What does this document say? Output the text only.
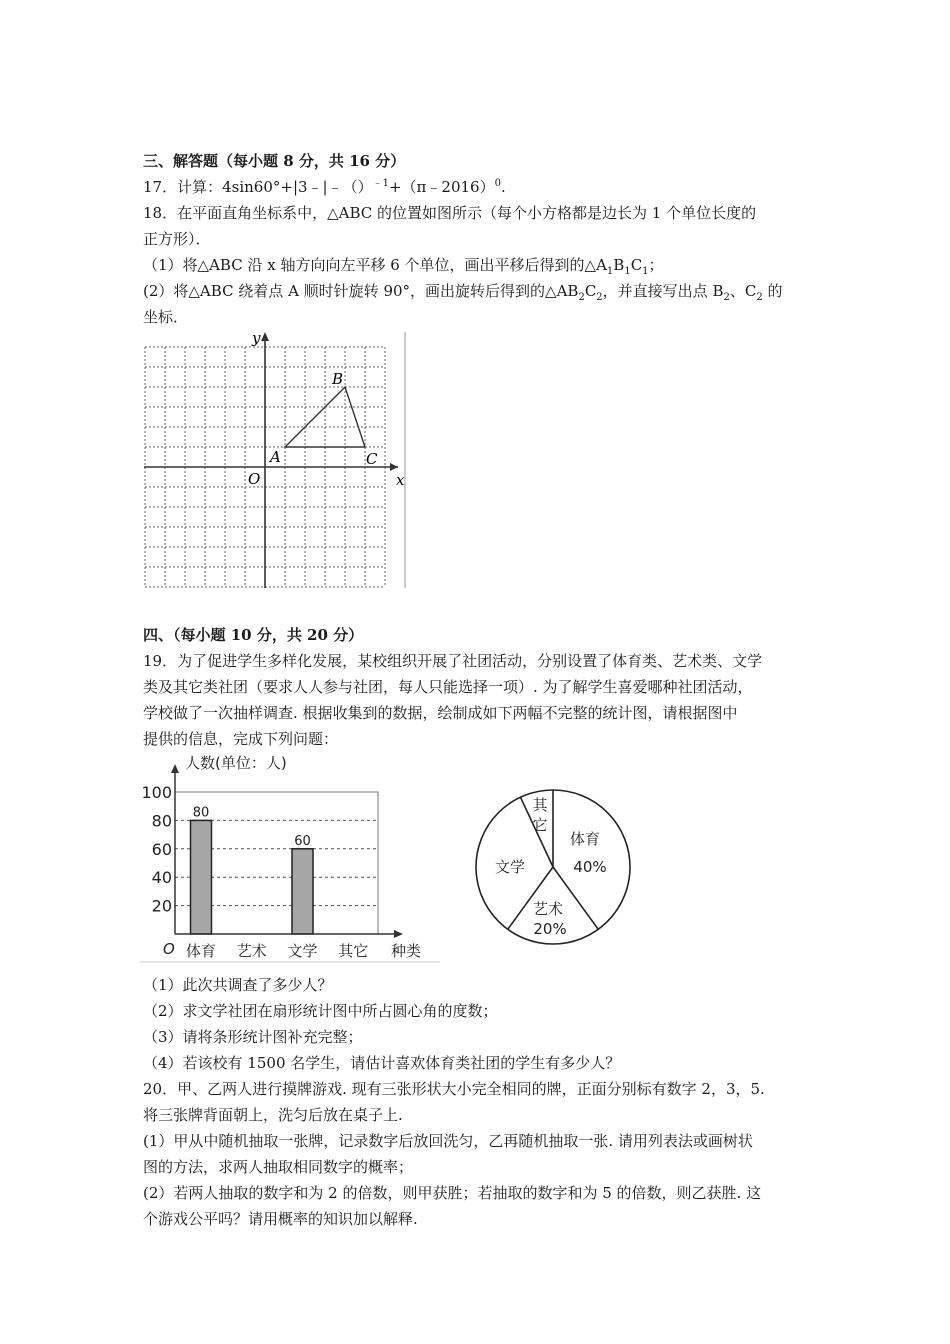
三、解答题（每小题 8 分，共 16 分）
17．计算：4sin60°+|3﹣|﹣（）$^{﹣1}$+（π﹣2016）$^0$.
18．在平面直角坐标系中，△ABC 的位置如图所示（每个小方格都是边长为 1 个单位长度的
正方形）．
（1）将△ABC 沿 x 轴方向向左平移 6 个单位，画出平移后得到的$\triangle A_1B_1C_1$；
(2）将△ABC 绕着点 A 顺时针旋转 90°，画出旋转后得到的$\triangle AB_2C_2$，并直接写出点 $B_2$、$C_2$ 的
坐标．
y
x
O
A
B
C
四、（每小题 10 分，共 20 分）
19．为了促进学生多样化发展，某校组织开展了社团活动，分别设置了体育类、艺术类、文学
类及其它类社团（要求人人参与社团，每人只能选择一项）. 为了解学生喜爱哪种社团活动，
学校做了一次抽样调查. 根据收集到的数据，绘制成如下两幅不完整的统计图，请根据图中
提供的信息，完成下列问题：
20
40
60
80
100
80
体育 艺术
60
文学 其它
人数(单位：人)
种类
O
体育
40%
艺术
20%
文学
其
它
（1）此次共调查了多少人？
（2）求文学社团在扇形统计图中所占圆心角的度数；
（3）请将条形统计图补充完整；
（4）若该校有 1500 名学生，请估计喜欢体育类社团的学生有多少人？
20．甲、乙两人进行摸牌游戏. 现有三张形状大小完全相同的牌，正面分别标有数字 2，3，5.
将三张牌背面朝上，洗匀后放在桌子上.
(1）甲从中随机抽取一张牌，记录数字后放回洗匀，乙再随机抽取一张. 请用列表法或画树状
图的方法，求两人抽取相同数字的概率；
(2）若两人抽取的数字和为 2 的倍数，则甲获胜；若抽取的数字和为 5 的倍数，则乙获胜. 这
个游戏公平吗？请用概率的知识加以解释.
